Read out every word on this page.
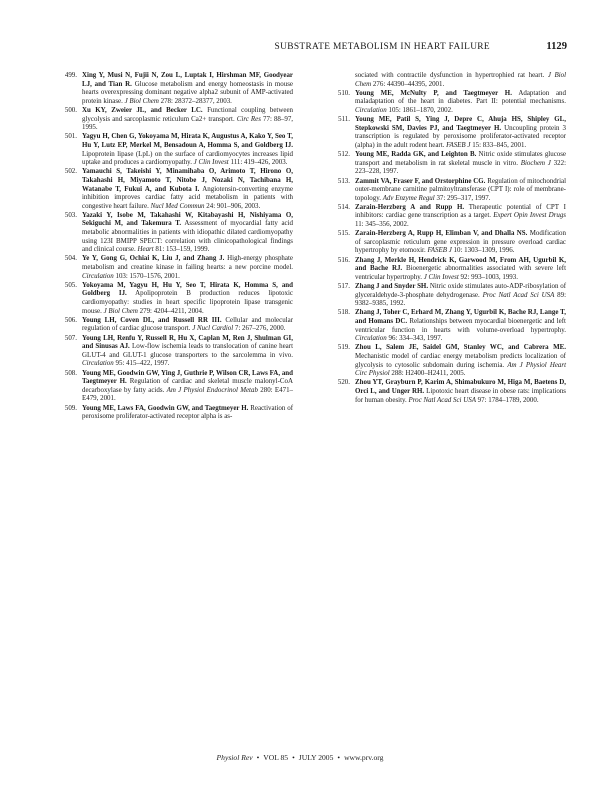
SUBSTRATE METABOLISM IN HEART FAILURE	1129
499 . Xing Y, Musi N, Fujii N, Zou L, Luptak I, Hirshman MF, Goodyear LJ, and Tian R. Glucose metabolism and energy homeostasis in mouse hearts overexpressing dominant negative alpha2 subunit of AMP-activated protein kinase. J Biol Chem 278: 28372–28377, 2003.
500 . Xu KY, Zweier JL, and Becker LC. Functional coupling between glycolysis and sarcoplasmic reticulum Ca2+ transport. Circ Res 77: 88–97, 1995.
501 . Yagyu H, Chen G, Yokoyama M, Hirata K, Augustus A, Kako Y, Seo T, Hu Y, Lutz EP, Merkel M, Bensadoun A, Homma S, and Goldberg IJ. Lipoprotein lipase (LpL) on the surface of cardiomyocytes increases lipid uptake and produces a cardiomyopathy. J Clin Invest 111: 419–426, 2003.
502 . Yamauchi S, Takeishi Y, Minamihaba O, Arimoto T, Hirono O, Takahashi H, Miyamoto T, Nitobe J, Nozaki N, Tachibana H, Watanabe T, Fukui A, and Kubota I. Angiotensin-converting enzyme inhibition improves cardiac fatty acid metabolism in patients with congestive heart failure. Nucl Med Commun 24: 901–906, 2003.
503 . Yazaki Y, Isobe M, Takahashi W, Kitabayashi H, Nishiyama O, Sekiguchi M, and Takemura T. Assessment of myocardial fatty acid metabolic abnormalities in patients with idiopathic dilated cardiomyopathy using 123I BMIPP SPECT: correlation with clinicopathological findings and clinical course. Heart 81: 153–159, 1999.
504 . Ye Y, Gong G, Ochiai K, Liu J, and Zhang J. High-energy phosphate metabolism and creatine kinase in failing hearts: a new porcine model. Circulation 103: 1570–1576, 2001.
505 . Yokoyama M, Yagyu H, Hu Y, Seo T, Hirata K, Homma S, and Goldberg IJ. Apolipoprotein B production reduces lipotoxic cardiomyopathy: studies in heart specific lipoprotein lipase transgenic mouse. J Biol Chem 279: 4204–4211, 2004.
506 . Young LH, Coven DL, and Russell RR III. Cellular and molecular regulation of cardiac glucose transport. J Nucl Cardiol 7: 267–276, 2000.
507 . Young LH, Renfu Y, Russell R, Hu X, Caplan M, Ren J, Shulman GI, and Sinusas AJ. Low-flow ischemia leads to translocation of canine heart GLUT-4 and GLUT-1 glucose transporters to the sarcolemma in vivo. Circulation 95: 415–422, 1997.
508 . Young ME, Goodwin GW, Ying J, Guthrie P, Wilson CR, Laws FA, and Taegtmeyer H. Regulation of cardiac and skeletal muscle malonyl-CoA decarboxylase by fatty acids. Am J Physiol Endocrinol Metab 280: E471–E479, 2001.
509 . Young ME, Laws FA, Goodwin GW, and Taegtmeyer H. Reactivation of peroxisome proliferator-activated receptor alpha is as-
sociated with contractile dysfunction in hypertrophied rat heart. J Biol Chem 276: 44390–44395, 2001.
510 . Young ME, McNulty P, and Taegtmeyer H. Adaptation and maladaptation of the heart in diabetes. Part II: potential mechanisms. Circulation 105: 1861–1870, 2002.
511 . Young ME, Patil S, Ying J, Depre C, Ahuja HS, Shipley GL, Stepkowski SM, Davies PJ, and Taegtmeyer H. Uncoupling protein 3 transcription is regulated by peroxisome proliferator-activated receptor (alpha) in the adult rodent heart. FASEB J 15: 833–845, 2001.
512 . Young ME, Radda GK, and Leighton B. Nitric oxide stimulates glucose transport and metabolism in rat skeletal muscle in vitro. Biochem J 322: 223–228, 1997.
513 . Zammit VA, Fraser F, and Orstorphine CG. Regulation of mitochondrial outer-membrane carnitine palmitoyltransferase (CPT I): role of membrane-topology. Adv Enzyme Regul 37: 295–317, 1997.
514 . Zarain-Herzberg A and Rupp H. Therapeutic potential of CPT I inhibitors: cardiac gene transcription as a target. Expert Opin Invest Drugs 11: 345–356, 2002.
515 . Zarain-Herzberg A, Rupp H, Elimban V, and Dhalla NS. Modification of sarcoplasmic reticulum gene expression in pressure overload cardiac hypertrophy by etomoxir. FASEB J 10: 1303–1309, 1996.
516 . Zhang J, Merkle H, Hendrick K, Garwood M, From AH, Ugurbil K, and Bache RJ. Bioenergetic abnormalities associated with severe left ventricular hypertrophy. J Clin Invest 92: 993–1003, 1993.
517 . Zhang J and Snyder SH. Nitric oxide stimulates auto-ADP-ribosylation of glyceraldehyde-3-phosphate dehydrogenase. Proc Natl Acad Sci USA 89: 9382–9385, 1992.
518 . Zhang J, Toher C, Erhard M, Zhang Y, Ugurbil K, Bache RJ, Lange T, and Homans DC. Relationships between myocardial bioenergetic and left ventricular function in hearts with volume-overload hypertrophy. Circulation 96: 334–343, 1997.
519 . Zhou L, Salem JE, Saidel GM, Stanley WC, and Cabrera ME. Mechanistic model of cardiac energy metabolism predicts localization of glycolysis to cytosolic subdomain during ischemia. Am J Physiol Heart Circ Physiol 288: H2400–H2411, 2005.
520 . Zhou YT, Grayburn P, Karim A, Shimabukuro M, Higa M, Baetens D, Orci L, and Unger RH. Lipotoxic heart disease in obese rats: implications for human obesity. Proc Natl Acad Sci USA 97: 1784–1789, 2000.
Physiol Rev • VOL 85 • JULY 2005 • www.prv.org
